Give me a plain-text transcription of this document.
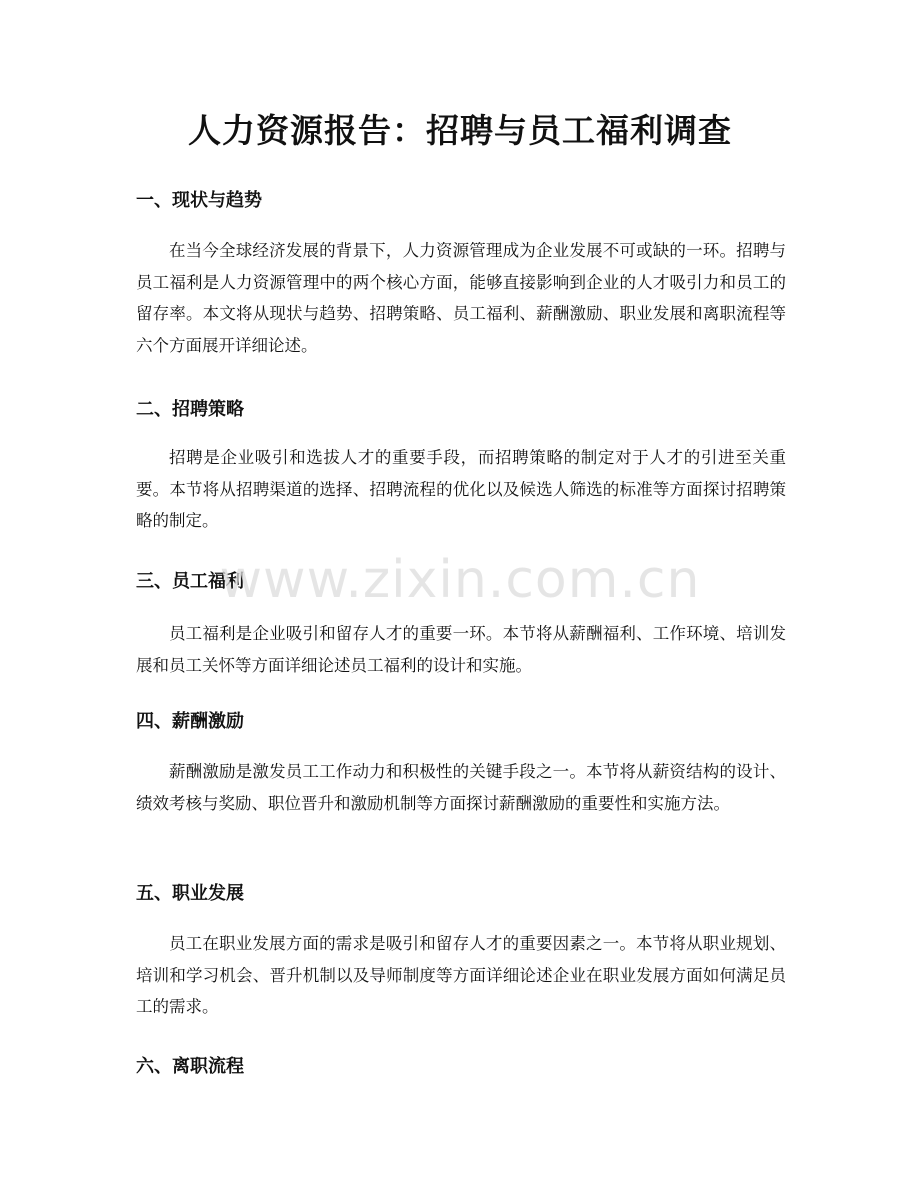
人力资源报告：招聘与员工福利调查
一、现状与趋势

在当今全球经济发展的背景下，人力资源管理成为企业发展不可或缺的一环。招聘与员工福利是人力资源管理中的两个核心方面，能够直接影响到企业的人才吸引力和员工的留存率。本文将从现状与趋势、招聘策略、员工福利、薪酬激励、职业发展和离职流程等六个方面展开详细论述。

二、招聘策略

招聘是企业吸引和选拔人才的重要手段，而招聘策略的制定对于人才的引进至关重要。本节将从招聘渠道的选择、招聘流程的优化以及候选人筛选的标准等方面探讨招聘策略的制定。

三、员工福利

员工福利是企业吸引和留存人才的重要一环。本节将从薪酬福利、工作环境、培训发展和员工关怀等方面详细论述员工福利的设计和实施。

四、薪酬激励

薪酬激励是激发员工工作动力和积极性的关键手段之一。本节将从薪资结构的设计、绩效考核与奖励、职位晋升和激励机制等方面探讨薪酬激励的重要性和实施方法。

五、职业发展

员工在职业发展方面的需求是吸引和留存人才的重要因素之一。本节将从职业规划、培训和学习机会、晋升机制以及导师制度等方面详细论述企业在职业发展方面如何满足员工的需求。

六、离职流程
www.zixin.com.cn
